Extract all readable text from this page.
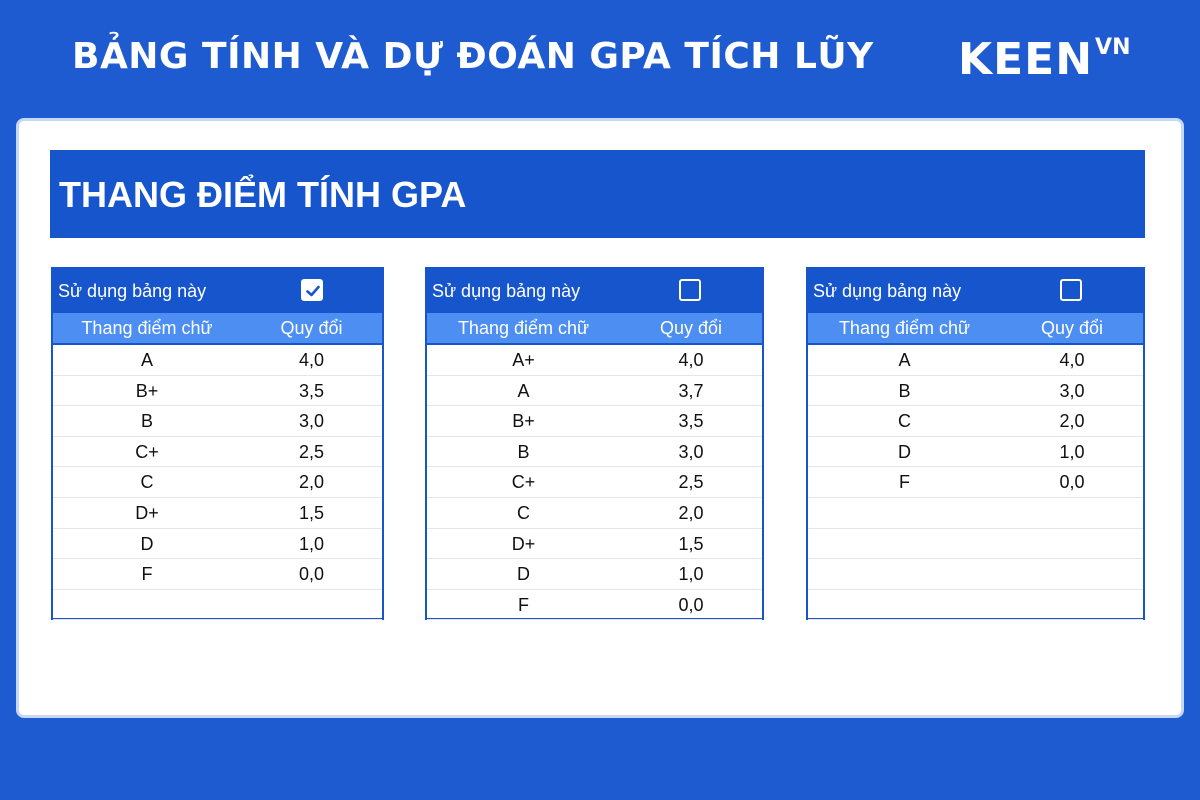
BẢNG TÍNH VÀ DỰ ĐOÁN GPA TÍCH LŨY $KEEN^{VN}$
THANG ĐIỂM TÍNH GPA
Sử dụng bảng này
Thang điểm chữ	Quy đổi
A	4,0
B+	3,5
B	3,0
C+	2,5
C	2,0
D+	1,5
D	1,0
F	0,0
Sử dụng bảng này
Thang điểm chữ	Quy đổi
A+	4,0
A	3,7
B+	3,5
B	3,0
C+	2,5
C	2,0
D+	1,5
D	1,0
F	0,0
Sử dụng bảng này
Thang điểm chữ	Quy đổi
A	4,0
B	3,0
C	2,0
D	1,0
F	0,0
